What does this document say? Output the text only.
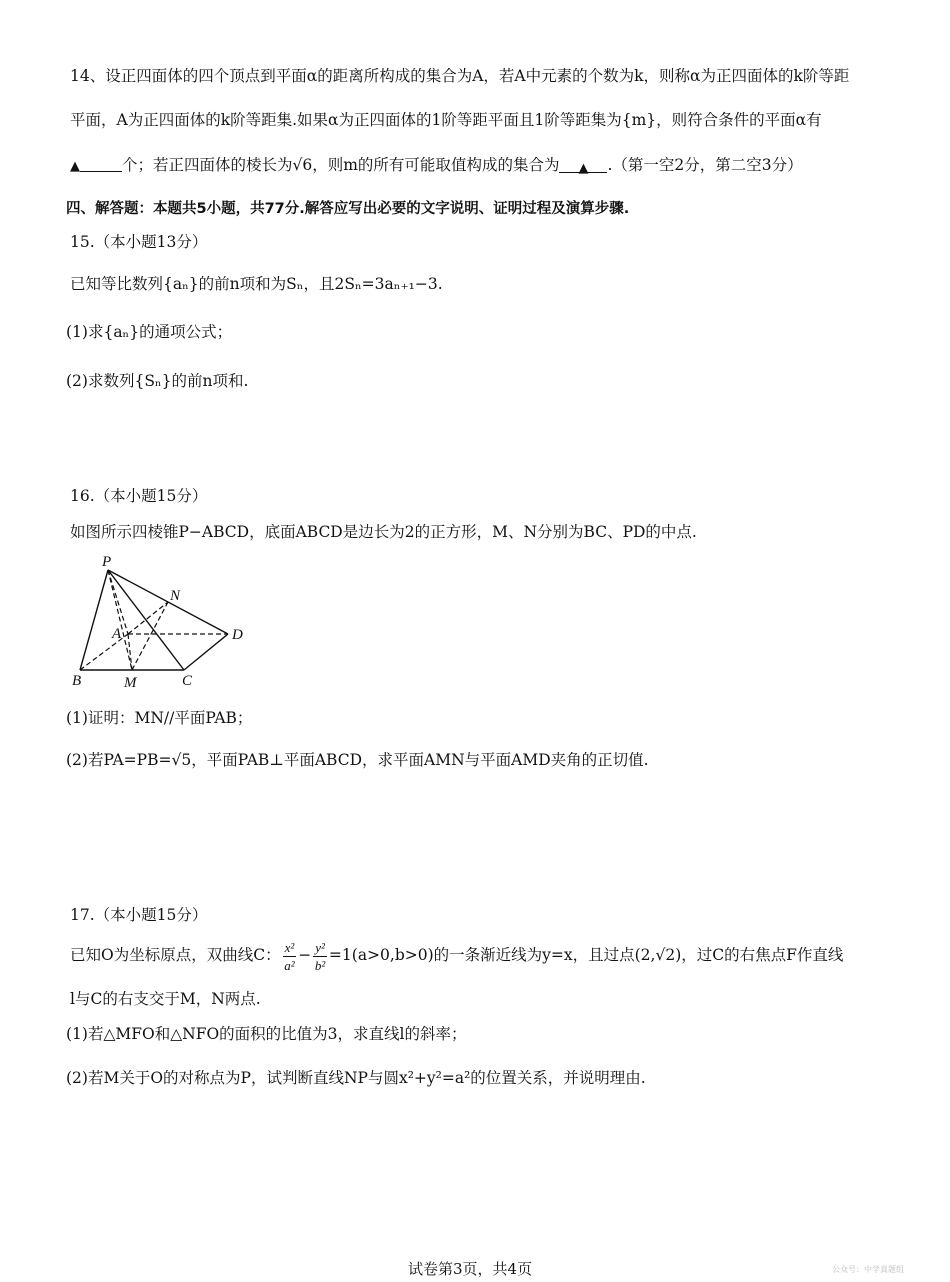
14、设正四面体的四个顶点到平面α的距离所构成的集合为A，若A中元素的个数为k，则称α为正四面体的k阶等距
平面，A为正四面体的k阶等距集.如果α为正四面体的1阶等距平面且1阶等距集为{m}，则符合条件的平面α有
▲	个；若正四面体的棱长为√6，则m的所有可能取值构成的集合为 ▲ .（第一空2分，第二空3分）
四、解答题：本题共5小题，共77分.解答应写出必要的文字说明、证明过程及演算步骤.
15.（本小题13分）
已知等比数列{aₙ}的前n项和为Sₙ，且2Sₙ=3aₙ₊₁−3.
(1)求{aₙ}的通项公式；
(2)求数列{Sₙ}的前n项和.
16.（本小题15分）
如图所示四棱锥P−ABCD，底面ABCD是边长为2的正方形，M、N分别为BC、PD的中点.
P
N
A	D
B	M	C
(1)证明：MN//平面PAB；
(2)若PA=PB=√5，平面PAB⊥平面ABCD，求平面AMN与平面AMD夹角的正切值.
17.（本小题15分）
已知O为坐标原点，双曲线C： $\frac{\text{x²}}{\text{a²}} - \frac{\text{y²}}{\text{b²}} =1(a>0,b>0)$的一条渐近线为y=x，且过点(2,√2)，过C的右焦点F作直线
l与C的右支交于M，N两点.
(1)若△MFO和△NFO的面积的比值为3，求直线l的斜率；
(2)若M关于O的对称点为P，试判断直线NP与圆x²+y²=a²的位置关系，并说明理由.
试卷第3页，共4页	公众号：中学真题组
